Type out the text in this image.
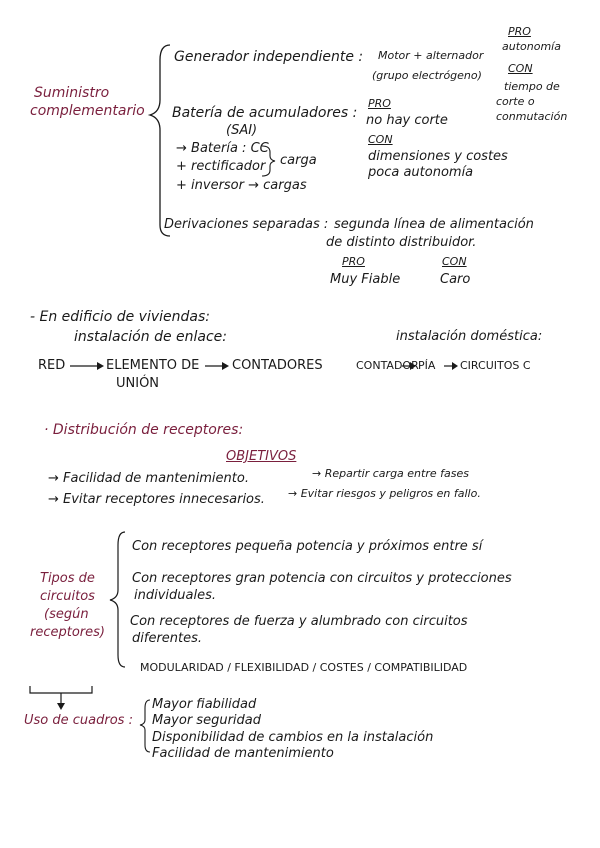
Suministro
complementario
Generador independiente : Motor + alternador
(grupo electrógeno)
PRO
autonomía
CON
tiempo de
corte o
conmutación
Batería de acumuladores :
(SAI)
PRO
no hay corte
CON
dimensiones y costes
poca autonomía
→ Batería : CC
+ rectificador
+ inversor → cargas
carga
Derivaciones separadas : segunda línea de alimentación
de distinto distribuidor.
PRO
Muy Fiable
CON
Caro
- En edificio de viviendas:
instalación de enlace:	instalación doméstica:
RED	ELEMENTO DE
UNIÓN
CONTADORES	CONTADOR PÍA CIRCUITOS C
· Distribución de receptores:
OBJETIVOS
→ Facilidad de mantenimiento.
→ Evitar receptores innecesarios.
→ Repartir carga entre fases
→ Evitar riesgos y peligros en fallo.
Tipos de
circuitos
(según
receptores)
Con receptores pequeña potencia y próximos entre sí
Con receptores gran potencia con circuitos y protecciones
individuales.
Con receptores de fuerza y alumbrado con circuitos
diferentes.
MODULARIDAD / FLEXIBILIDAD / COSTES / COMPATIBILIDAD
Uso de cuadros :
Mayor fiabilidad
Mayor seguridad
Disponibilidad de cambios en la instalación
Facilidad de mantenimiento
